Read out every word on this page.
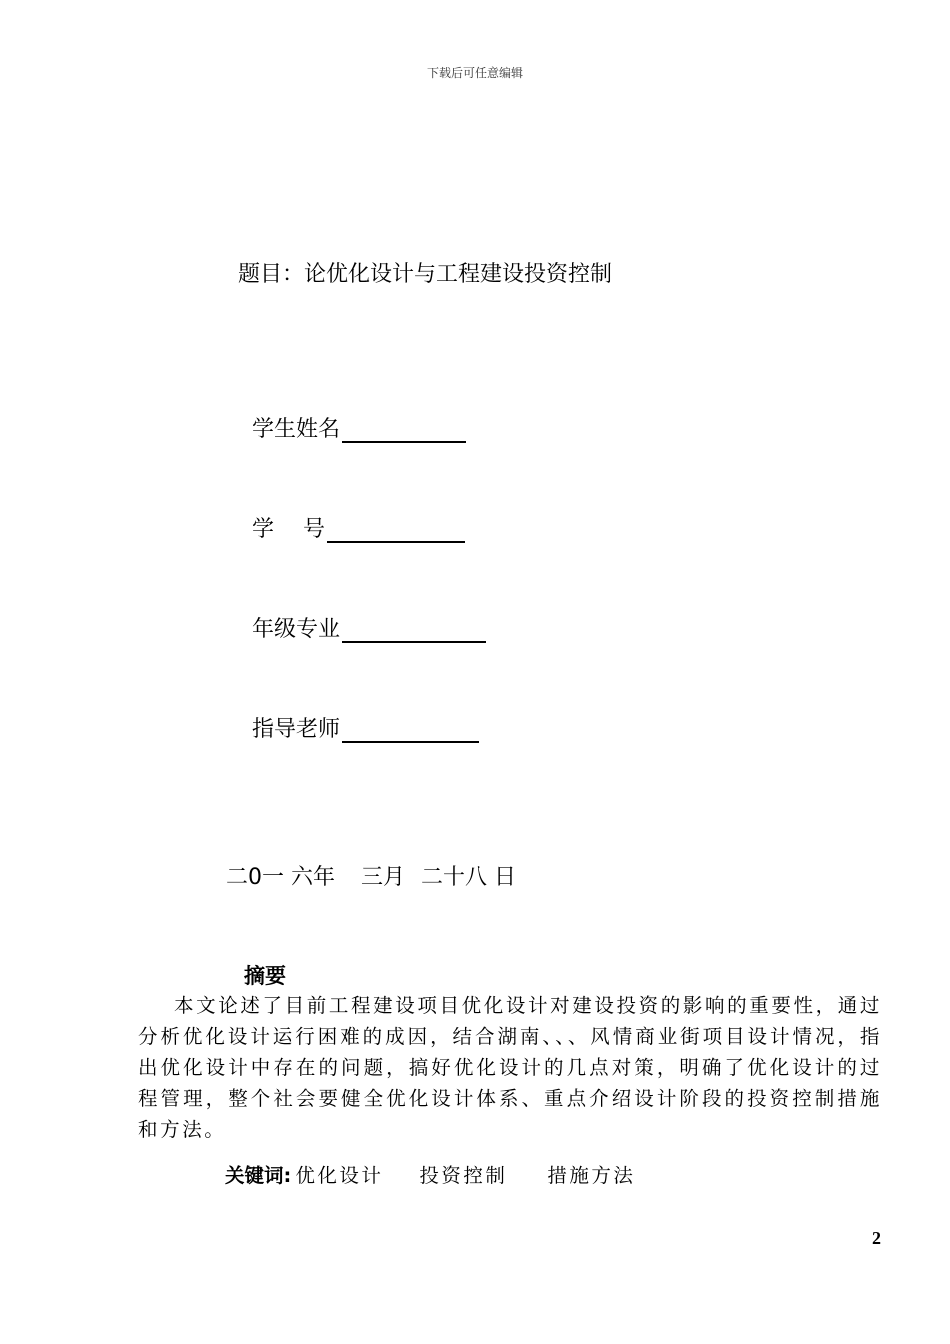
下载后可任意编辑
题目：论优化设计与工程建设投资控制
学生姓名
学　 号
年级专业
指导老师
二0一 六年 三月 二十八 日
摘要

本文论述了目前工程建设项目优化设计对建设投资的影响的重要性，通过分析优化设计运行困难的成因，结合湖南、、、风情商业街项目设计情况，指出优化设计中存在的问题，搞好优化设计的几点对策，明确了优化设计的过程管理，整个社会要健全优化设计体系、重点介绍设计阶段的投资控制措施和方法。

关键词: 优化设计 投资控制 措施方法
2
